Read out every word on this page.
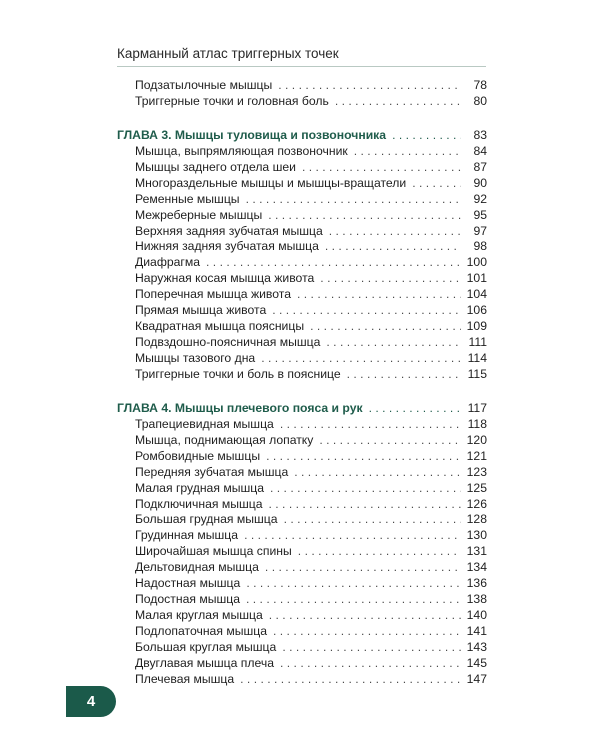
Карманный атлас триггерных точек
Подзатылочные мышцы . . .	78
Триггерные точки и головная боль . . .	80
ГЛАВА 3. Мышцы туловища и позвоночника . . .	83
Мышца, выпрямляющая позвоночник . . .	84
Мышцы заднего отдела шеи . . .	87
Многораздельные мышцы и мышцы-вращатели . . .	90
Ременные мышцы . . .	92
Межреберные мышцы . . .	95
Верхняя задняя зубчатая мышца . . .	97
Нижняя задняя зубчатая мышца . . .	98
Диафрагма . . .	100
Наружная косая мышца живота . . .	101
Поперечная мышца живота . . .	104
Прямая мышца живота . . .	106
Квадратная мышца поясницы . . .	109
Подвздошно-поясничная мышца . . .	111
Мышцы тазового дна . . .	114
Триггерные точки и боль в пояснице . . .	115
ГЛАВА 4. Мышцы плечевого пояса и рук . . .	117
Трапециевидная мышца . . .	118
Мышца, поднимающая лопатку . . .	120
Ромбовидные мышцы . . .	121
Передняя зубчатая мышца . . .	123
Малая грудная мышца . . .	125
Подключичная мышца . . .	126
Большая грудная мышца . . .	128
Грудинная мышца . . .	130
Широчайшая мышца спины . . .	131
Дельтовидная мышца . . .	134
Надостная мышца . . .	136
Подостная мышца . . .	138
Малая круглая мышца . . .	140
Подлопаточная мышца . . .	141
Большая круглая мышца . . .	143
Двуглавая мышца плеча . . .	145
Плечевая мышца . . .	147
4
